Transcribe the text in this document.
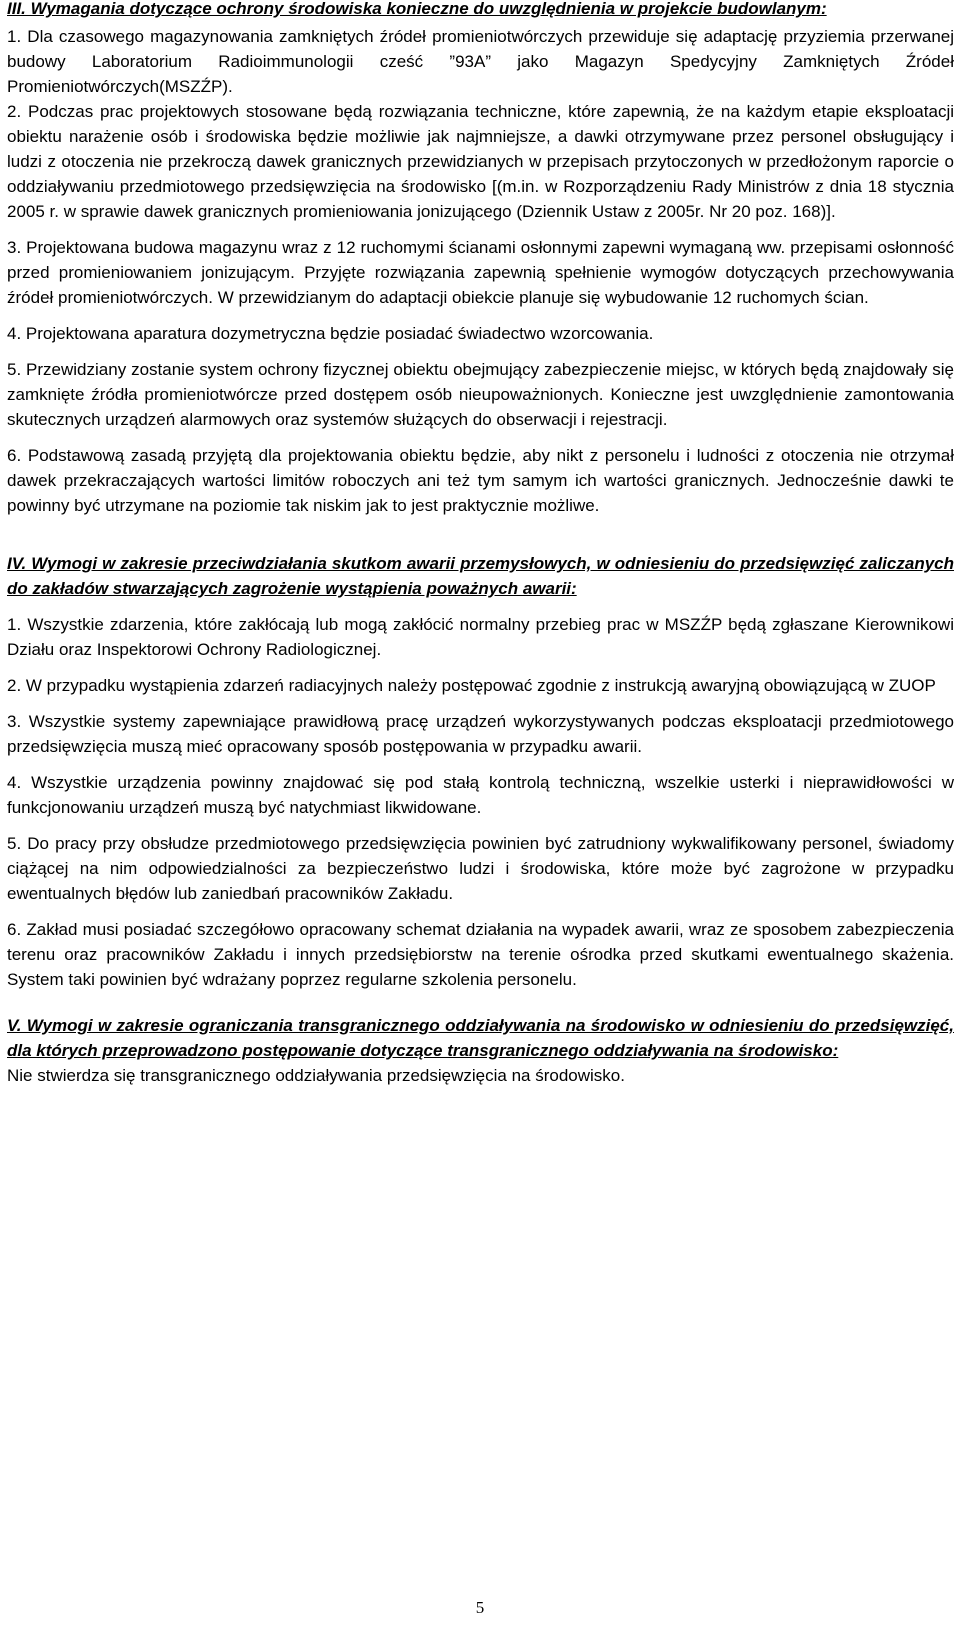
III. Wymagania dotyczące ochrony środowiska konieczne do uwzględnienia w projekcie budowlanym:

1. Dla czasowego magazynowania zamkniętych źródeł promieniotwórczych przewiduje się adaptację przyziemia przerwanej budowy Laboratorium Radioimmunologii cześć ”93A” jako Magazyn Spedycyjny Zamkniętych Źródeł Promieniotwórczych(MSZŹP).

2. Podczas prac projektowych stosowane będą rozwiązania techniczne, które zapewnią, że na każdym etapie eksploatacji obiektu narażenie osób i środowiska będzie możliwie jak najmniejsze, a dawki otrzymywane przez personel obsługujący i ludzi z otoczenia nie przekroczą dawek granicznych przewidzianych w przepisach przytoczonych w przedłożonym raporcie o oddziaływaniu przedmiotowego przedsięwzięcia na środowisko [(m.in. w Rozporządzeniu Rady Ministrów z dnia 18 stycznia 2005 r. w sprawie dawek granicznych promieniowania jonizującego (Dziennik Ustaw z 2005r. Nr 20 poz. 168)].

3. Projektowana budowa magazynu wraz z 12 ruchomymi ścianami osłonnymi zapewni wymaganą ww. przepisami osłonność przed promieniowaniem jonizującym. Przyjęte rozwiązania zapewnią spełnienie wymogów dotyczących przechowywania źródeł promieniotwórczych. W przewidzianym do adaptacji obiekcie planuje się wybudowanie 12 ruchomych ścian.

4. Projektowana aparatura dozymetryczna będzie posiadać świadectwo wzorcowania.

5. Przewidziany zostanie system ochrony fizycznej obiektu obejmujący zabezpieczenie miejsc, w których będą znajdowały się zamknięte źródła promieniotwórcze przed dostępem osób nieupoważnionych. Konieczne jest uwzględnienie zamontowania skutecznych urządzeń alarmowych oraz systemów służących do obserwacji i rejestracji.

6. Podstawową zasadą przyjętą dla projektowania obiektu będzie, aby nikt z personelu i ludności z otoczenia nie otrzymał dawek przekraczających wartości limitów roboczych ani też tym samym ich wartości granicznych. Jednocześnie dawki te powinny być utrzymane na poziomie tak niskim jak to jest praktycznie możliwe.

IV. Wymogi w zakresie przeciwdziałania skutkom awarii przemysłowych, w odniesieniu do przedsięwzięć zaliczanych do zakładów stwarzających zagrożenie wystąpienia poważnych awarii:

1. Wszystkie zdarzenia, które zakłócają lub mogą zakłócić normalny przebieg prac w MSZŹP będą zgłaszane Kierownikowi Działu oraz Inspektorowi Ochrony Radiologicznej.

2. W przypadku wystąpienia zdarzeń radiacyjnych należy postępować zgodnie z instrukcją awaryjną obowiązującą w ZUOP

3. Wszystkie systemy zapewniające prawidłową pracę urządzeń wykorzystywanych podczas eksploatacji przedmiotowego przedsięwzięcia muszą mieć opracowany sposób postępowania w przypadku awarii.

4. Wszystkie urządzenia powinny znajdować się pod stałą kontrolą techniczną, wszelkie usterki i nieprawidłowości w funkcjonowaniu urządzeń muszą być natychmiast likwidowane.

5. Do pracy przy obsłudze przedmiotowego przedsięwzięcia powinien być zatrudniony wykwalifikowany personel, świadomy ciążącej na nim odpowiedzialności za bezpieczeństwo ludzi i środowiska, które może być zagrożone w przypadku ewentualnych błędów lub zaniedbań pracowników Zakładu.

6. Zakład musi posiadać szczegółowo opracowany schemat działania na wypadek awarii, wraz ze sposobem zabezpieczenia terenu oraz pracowników Zakładu i innych przedsiębiorstw na terenie ośrodka przed skutkami ewentualnego skażenia. System taki powinien być wdrażany poprzez regularne szkolenia personelu.

V. Wymogi w zakresie ograniczania transgranicznego oddziaływania na środowisko w odniesieniu do przedsięwzięć, dla których przeprowadzono postępowanie dotyczące transgranicznego oddziaływania na środowisko:

Nie stwierdza się transgranicznego oddziaływania przedsięwzięcia na środowisko.

5
